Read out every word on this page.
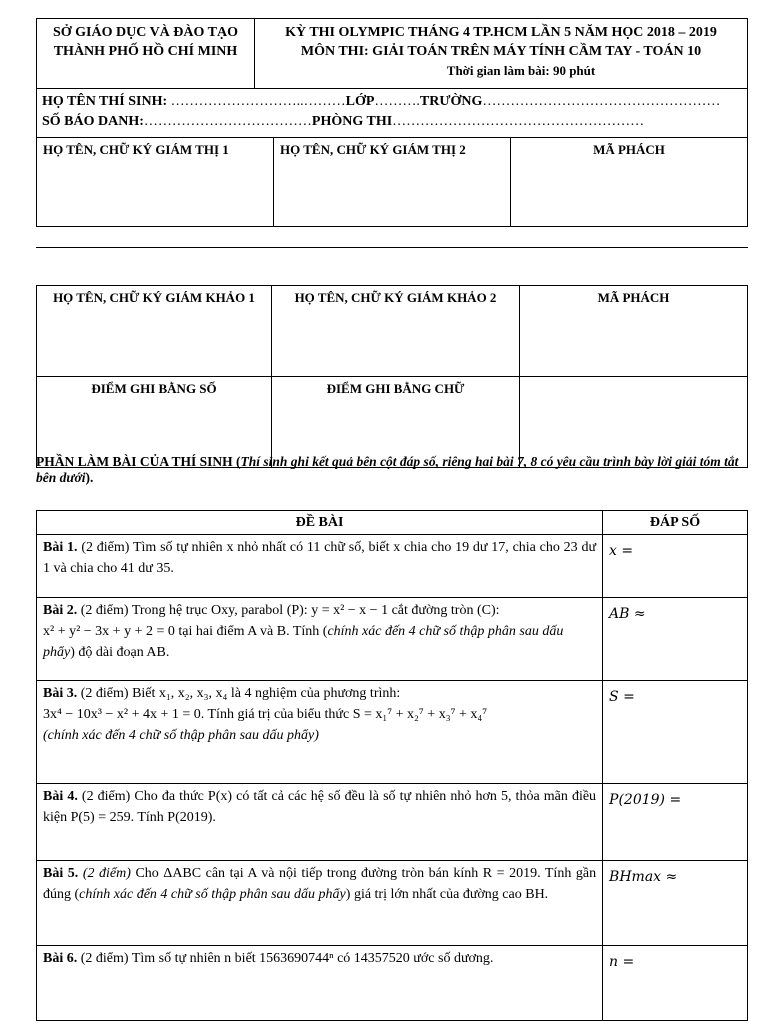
SỞ GIÁO DỤC VÀ ĐÀO TẠO
THÀNH PHỐ HỒ CHÍ MINH
KỲ THI OLYMPIC THÁNG 4 TP.HCM LẦN 5 NĂM HỌC 2018 – 2019
MÔN THI: GIẢI TOÁN TRÊN MÁY TÍNH CẦM TAY - TOÁN 10
Thời gian làm bài: 90 phút
HỌ TÊN THÍ SINH: ………………………..………LỚP……….TRƯỜNG……………………………………………
SỐ BÁO DANH:………………………………PHÒNG THI………………………………………………
HỌ TÊN, CHỮ KÝ GIÁM THỊ 1	HỌ TÊN, CHỮ KÝ GIÁM THỊ 2	MÃ PHÁCH
HỌ TÊN, CHỮ KÝ GIÁM KHẢO 1	HỌ TÊN, CHỮ KÝ GIÁM KHẢO 2	MÃ PHÁCH
ĐIỂM GHI BẰNG SỐ	ĐIỂM GHI BẰNG CHỮ	
PHẦN LÀM BÀI CỦA THÍ SINH (Thí sinh ghi kết quả bên cột đáp số, riêng hai bài 7, 8 có yêu cầu trình bày lời giải tóm tắt bên dưới).
ĐỀ BÀI	ĐÁP SỐ
Bài 1. (2 điểm) Tìm số tự nhiên x nhỏ nhất có 11 chữ số, biết x chia cho 19 dư 17, chia cho 23 dư 1 và chia cho 41 dư 35.	x =
Bài 2. (2 điểm) Trong hệ trục Oxy, parabol (P): y = x² − x − 1 cắt đường tròn (C):
x² + y² − 3x + y + 2 = 0 tại hai điểm A và B. Tính (chính xác đến 4 chữ số thập phân sau dấu phẩy) độ dài đoạn AB.	AB ≈
Bài 3. (2 điểm) Biết x₁, x₂, x₃, x₄ là 4 nghiệm của phương trình:
3x⁴ − 10x³ − x² + 4x + 1 = 0. Tính giá trị của biểu thức S = x₁⁷ + x₂⁷ + x₃⁷ + x₄⁷
(chính xác đến 4 chữ số thập phân sau dấu phẩy)	S =
Bài 4. (2 điểm) Cho đa thức P(x) có tất cả các hệ số đều là số tự nhiên nhỏ hơn 5, thỏa mãn điều kiện P(5) = 259. Tính P(2019).	P(2019) =
Bài 5. (2 điểm) Cho ΔABC cân tại A và nội tiếp trong đường tròn bán kính R = 2019. Tính gần đúng (chính xác đến 4 chữ số thập phân sau dấu phẩy) giá trị lớn nhất của đường cao BH.	BHmax ≈
Bài 6. (2 điểm) Tìm số tự nhiên n biết 1563690744ⁿ có 14357520 ước số dương.	n =
